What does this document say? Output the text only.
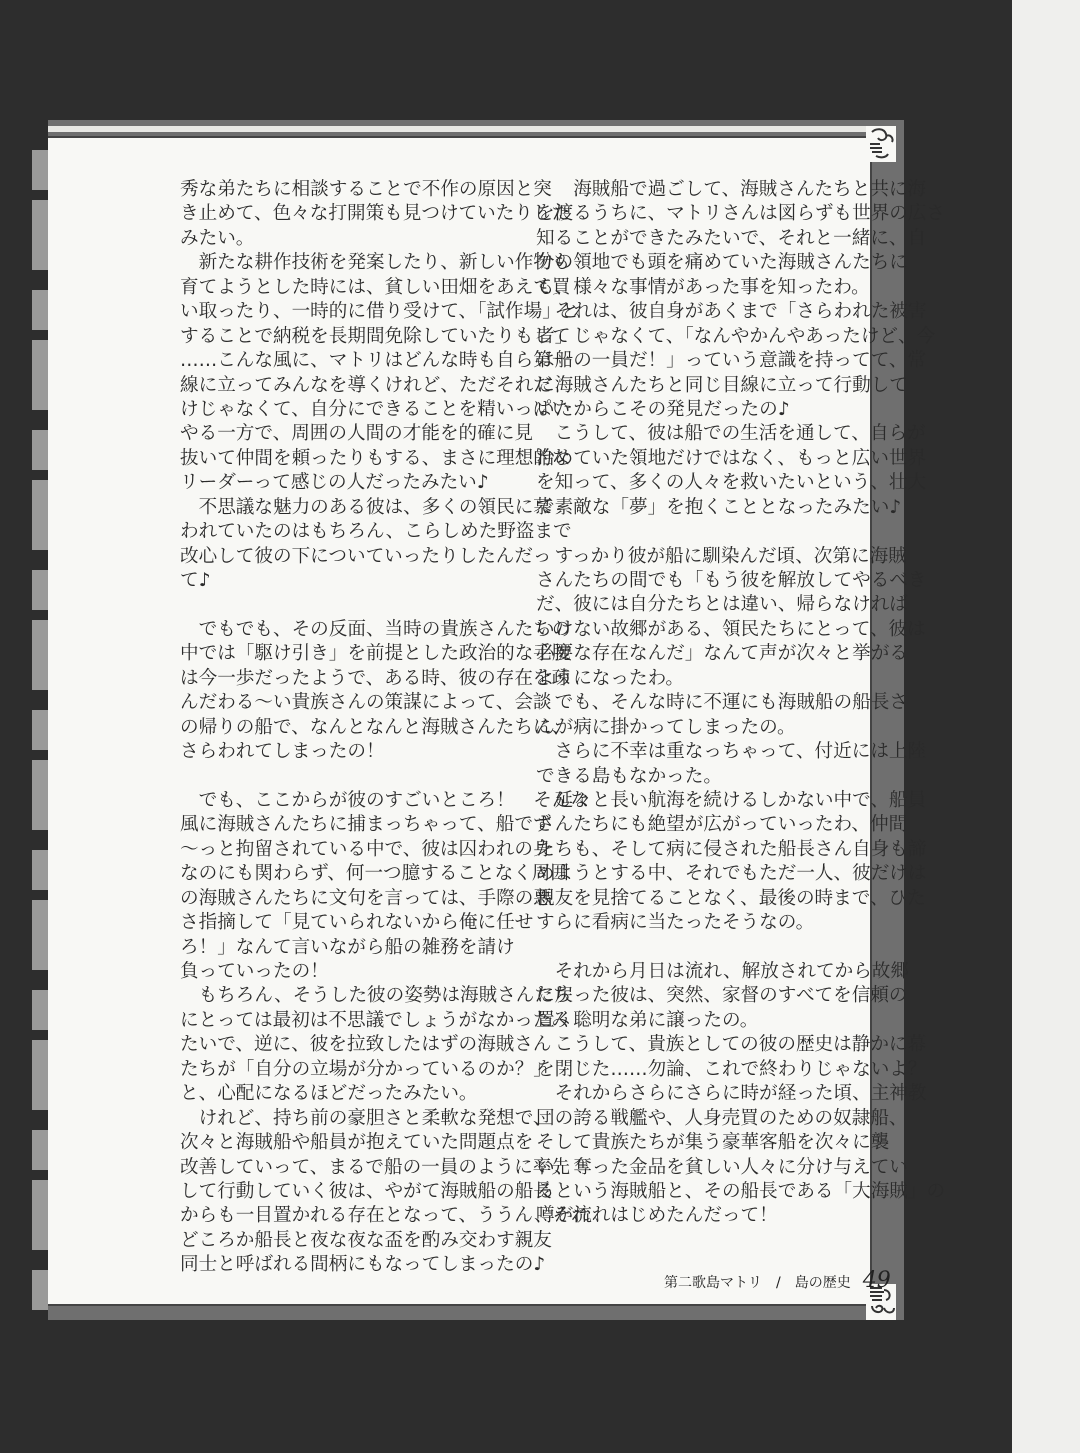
秀な弟たちに相談することで不作の原因と突
き止めて、色々な打開策も見つけていたりした
みたい。
　新たな耕作技術を発案したり、新しい作物も
育てようとした時には、貧しい田畑をあえて買
い取ったり、一時的に借り受けて、「試作場」と
することで納税を長期間免除していたりもして
……こんな風に、マトリはどんな時も自ら第一
線に立ってみんなを導くけれど、ただそれだ
けじゃなくて、自分にできることを精いっぱい
やる一方で、周囲の人間の才能を的確に見
抜いて仲間を頼ったりもする、まさに理想的な
リーダーって感じの人だったみたい♪
　不思議な魅力のある彼は、多くの領民に慕
われていたのはもちろん、こらしめた野盗まで
改心して彼の下についていったりしたんだっ
て♪
　でもでも、その反面、当時の貴族さんたちの
中では「駆け引き」を前提とした政治的な手腕
は今一歩だったようで、ある時、彼の存在を疎
んだわる〜い貴族さんの策謀によって、会談
の帰りの船で、なんとなんと海賊さんたちに、
さらわれてしまったの！
　でも、ここからが彼のすごいところ！　そんな
風に海賊さんたちに捕まっちゃって、船でず
〜っと拘留されている中で、彼は囚われの身
なのにも関わらず、何一つ臆することなく周囲
の海賊さんたちに文句を言っては、手際の悪
さ指摘して「見ていられないから俺に任せ
ろ！」なんて言いながら船の雑務を請け
負っていったの！
　もちろん、そうした彼の姿勢は海賊さんたち
にとっては最初は不思議でしょうがなかったみ
たいで、逆に、彼を拉致したはずの海賊さん
たちが「自分の立場が分かっているのか？」
と、心配になるほどだったみたい。
　けれど、持ち前の豪胆さと柔軟な発想で、
次々と海賊船や船員が抱えていた問題点を
改善していって、まるで船の一員のように率先
して行動していく彼は、やがて海賊船の船長
からも一目置かれる存在となって、ううん、それ
どころか船長と夜な夜な盃を酌み交わす親友
同士と呼ばれる間柄にもなってしまったの♪
　　海賊船で過ごして、海賊さんたちと共に海
を渡るうちに、マトリさんは図らずも世界の広さ
知ることができたみたいで、それと一緒に、自
分の領地でも頭を痛めていた海賊さんたちに
も、様々な事情があった事を知ったわ。
　それは、彼自身があくまで「さらわれた被害
者」じゃなくて、「なんやかんやあったけど、今
は船の一員だ！」っていう意識を持ってて、常
に海賊さんたちと同じ目線に立って行動して
いたからこその発見だったの♪
　こうして、彼は船での生活を通して、自らが
治めていた領地だけではなく、もっと広い世界
を知って、多くの人々を救いたいという、壮大
で素敵な「夢」を抱くこととなったみたい♪
　すっかり彼が船に馴染んだ頃、次第に海賊
さんたちの間でも「もう彼を解放してやるべき
だ、彼には自分たちとは違い、帰らなければ
いけない故郷がある、領民たちにとって、彼は
必要な存在なんだ」なんて声が次々と挙がる
ようになったわ。
　でも、そんな時に不運にも海賊船の船長さ
んが病に掛かってしまったの。
　さらに不幸は重なっちゃって、付近には上陸
できる島もなかった。
　延々と長い航海を続けるしかない中で、船員
さんたちにも絶望が広がっていったわ、仲間
たちも、そして病に侵された船長さん自身も諦
めようとする中、それでもただ一人、彼だけは
親友を見捨てることなく、最後の時まで、ひた
すらに看病に当たったそうなの。
　それから月日は流れ、解放されてから故郷
に戻った彼は、突然、家督のすべてを信頼の
置く聡明な弟に譲ったの。
　こうして、貴族としての彼の歴史は静かに幕
を閉じた……勿論、これで終わりじゃないよ？
　それからさらにさらに時が経った頃、主神教
団の誇る戦艦や、人身売買のための奴隷船、
そして貴族たちが集う豪華客船を次々に襲
い、奪った金品を貧しい人々に分け与えてい
るという海賊船と、その船長である「大海賊」の
噂が流れはじめたんだって！
第二歌島マトリ　/　島の歴史 49
